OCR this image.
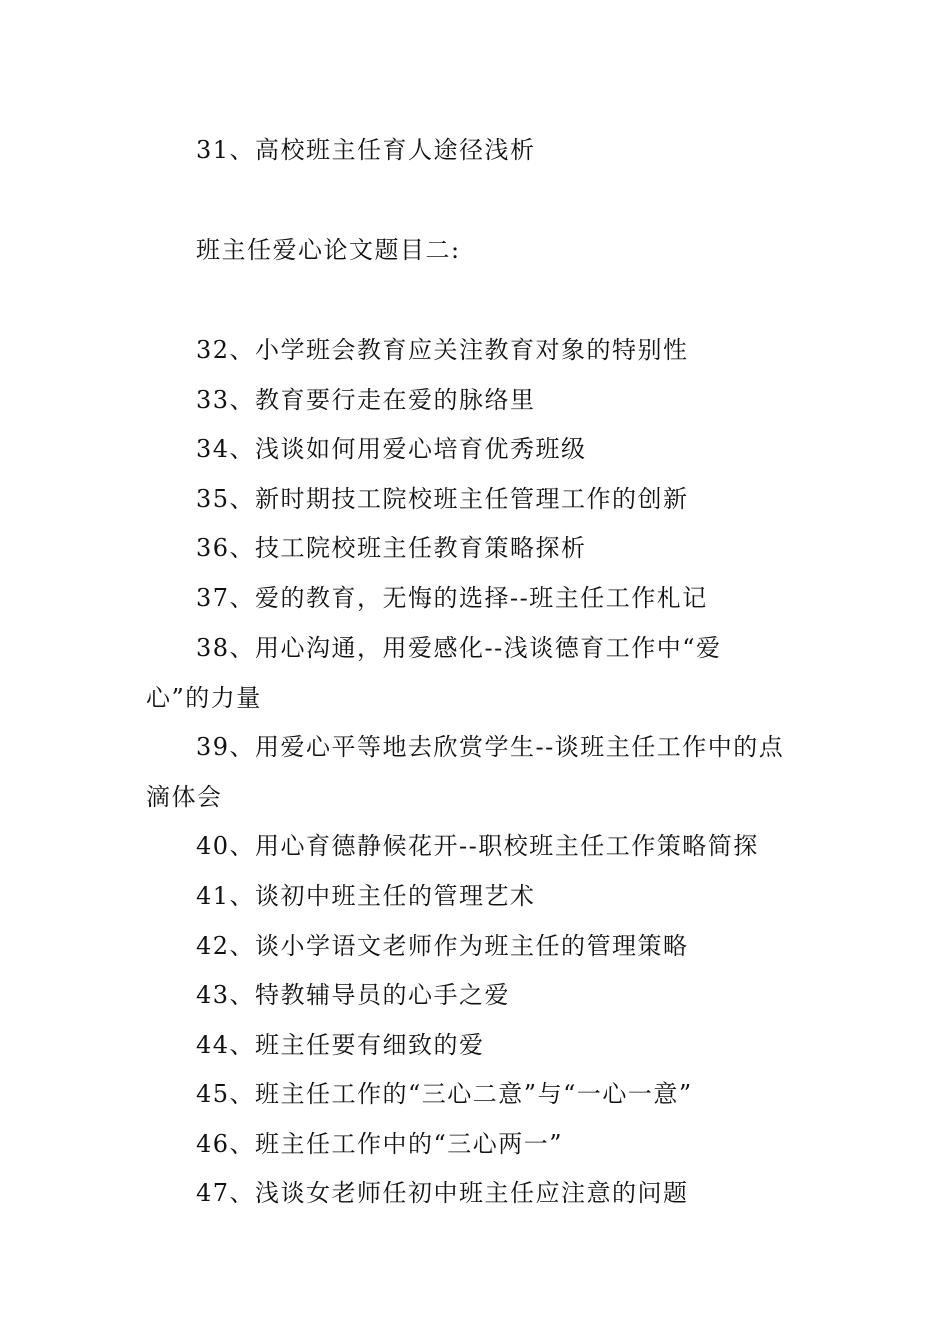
31、高校班主任育人途径浅析

班主任爱心论文题目二:

32、小学班会教育应关注教育对象的特别性

33、教育要行走在爱的脉络里

34、浅谈如何用爱心培育优秀班级

35、新时期技工院校班主任管理工作的创新

36、技工院校班主任教育策略探析

37、爱的教育，无悔的选择--班主任工作札记

38、用心沟通，用爱感化--浅谈德育工作中“爱心”的力量

39、用爱心平等地去欣赏学生--谈班主任工作中的点滴体会

40、用心育德静候花开--职校班主任工作策略简探

41、谈初中班主任的管理艺术

42、谈小学语文老师作为班主任的管理策略

43、特教辅导员的心手之爱

44、班主任要有细致的爱

45、班主任工作的“三心二意”与“一心一意”

46、班主任工作中的“三心两一”

47、浅谈女老师任初中班主任应注意的问题
